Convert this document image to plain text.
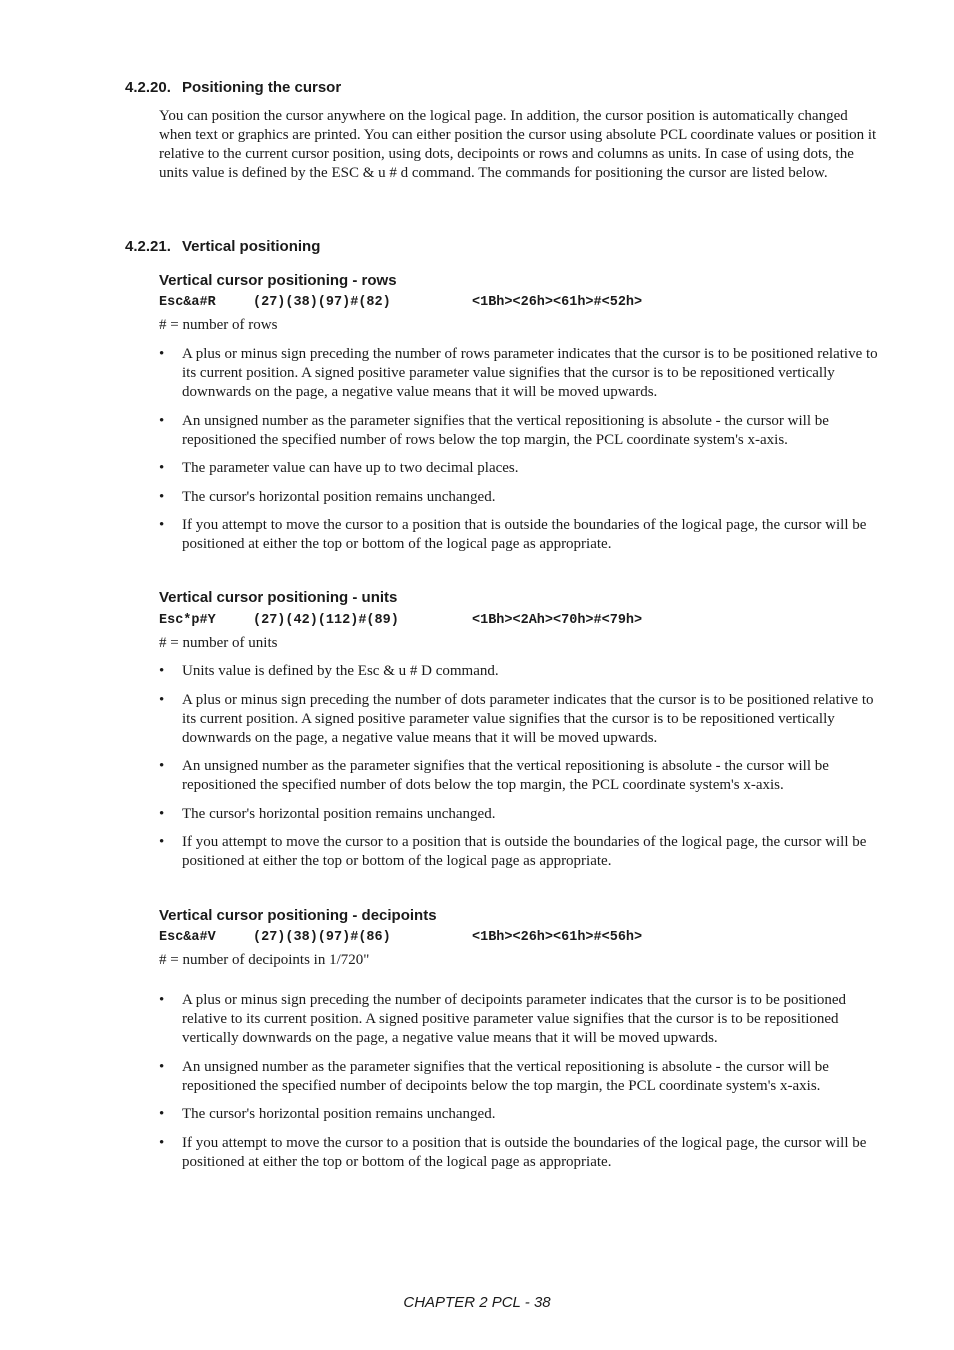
4.2.20. Positioning the cursor

You can position the cursor anywhere on the logical page. In addition, the cursor position is automatically changed when text or graphics are printed. You can either position the cursor using absolute PCL coordinate values or position it relative to the current cursor position, using dots, decipoints or rows and columns as units. In case of using dots, the units value is defined by the ESC & u # d command. The commands for positioning the cursor are listed below.

4.2.21. Vertical positioning
Vertical cursor positioning - rows
Esc&a#R	(27)(38)(97)#(82)	<1Bh><26h><61h>#<52h>
# = number of rows
• A plus or minus sign preceding the number of rows parameter indicates that the cursor is to be positioned relative to its current position. A signed positive parameter value signifies that the cursor is to be repositioned vertically downwards on the page, a negative value means that it will be moved upwards.
• An unsigned number as the parameter signifies that the vertical repositioning is absolute - the cursor will be repositioned the specified number of rows below the top margin, the PCL coordinate system's x-axis.
• The parameter value can have up to two decimal places.
• The cursor's horizontal position remains unchanged.
• If you attempt to move the cursor to a position that is outside the boundaries of the logical page, the cursor will be positioned at either the top or bottom of the logical page as appropriate.
Vertical cursor positioning - units
Esc*p#Y	(27)(42)(112)#(89)	<1Bh><2Ah><70h>#<79h>
# = number of units
• Units value is defined by the Esc & u # D command.
• A plus or minus sign preceding the number of dots parameter indicates that the cursor is to be positioned relative to its current position. A signed positive parameter value signifies that the cursor is to be repositioned vertically downwards on the page, a negative value means that it will be moved upwards.
• An unsigned number as the parameter signifies that the vertical repositioning is absolute - the cursor will be repositioned the specified number of dots below the top margin, the PCL coordinate system's x-axis.
• The cursor's horizontal position remains unchanged.
• If you attempt to move the cursor to a position that is outside the boundaries of the logical page, the cursor will be positioned at either the top or bottom of the logical page as appropriate.
Vertical cursor positioning - decipoints
Esc&a#V	(27)(38)(97)#(86)	<1Bh><26h><61h>#<56h>
# = number of decipoints in 1/720"
• A plus or minus sign preceding the number of decipoints parameter indicates that the cursor is to be positioned relative to its current position. A signed positive parameter value signifies that the cursor is to be repositioned vertically downwards on the page, a negative value means that it will be moved upwards.
• An unsigned number as the parameter signifies that the vertical repositioning is absolute - the cursor will be repositioned the specified number of decipoints below the top margin, the PCL coordinate system's x-axis.
• The cursor's horizontal position remains unchanged.
• If you attempt to move the cursor to a position that is outside the boundaries of the logical page, the cursor will be positioned at either the top or bottom of the logical page as appropriate.
CHAPTER 2 PCL - 38
